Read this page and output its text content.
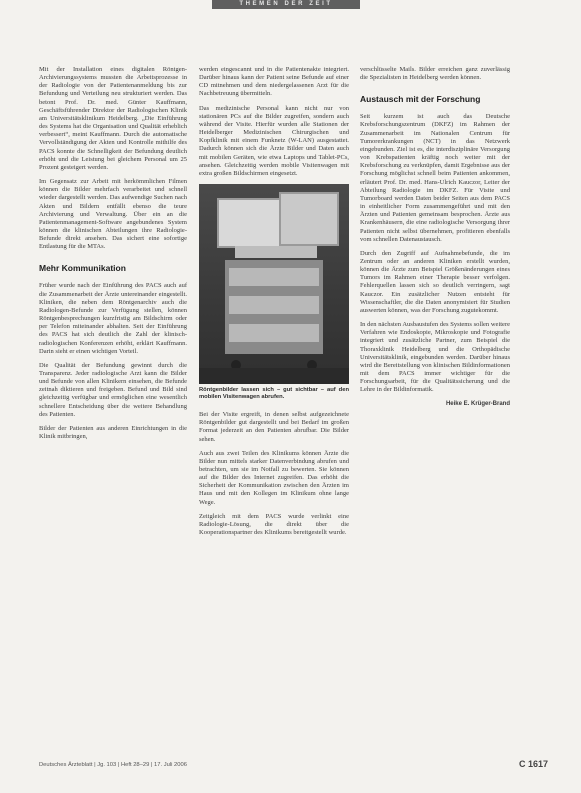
THEMEN DER ZEIT

Mit der Installation eines digitalen Röntgen-Archivierungssystems mussten die Arbeitsprozesse in der Radiologie von der Patientenanmeldung bis zur Befundung und Verteilung neu strukturiert werden. Das betont Prof. Dr. med. Günter Kauffmann, Geschäftsführender Direktor der Radiologischen Klinik am Universitätsklinikum Heidelberg. „Die Einführung des Systems hat die Organisation und Qualität erheblich verbessert“, meint Kauffmann. Durch die automatische Vervollständigung der Akten und Kontrolle mithilfe des PACS konnte die Schnelligkeit der Befundung deutlich erhöht und die Leistung bei gleichem Personal um 25 Prozent gesteigert werden.

Im Gegensatz zur Arbeit mit herkömmlichen Filmen können die Bilder mehrfach verarbeitet und schnell wieder dargestellt werden. Das aufwendige Suchen nach Akten und Bildern entfällt ebenso die teure Archivierung und Verwaltung. Über ein an die Patientenmanagement-Software angebundenes System können die klinischen Abteilungen ihre Radiologie-Befunde direkt ansehen. Das sichert eine sofortige Entlastung für die MTAs.

Mehr Kommunikation

Früher wurde nach der Einführung des PACS auch auf die Zusammenarbeit der Ärzte untereinander eingestellt. Kliniken, die neben dem Röntgenarchiv auch die Radiologen-Befunde zur Verfügung stellen, können Röntgenbesprechungen kurzfristig am Bildschirm oder per Telefon miteinander abhalten. Seit der Einführung des PACS hat sich deutlich die Zahl der klinisch-radiologischen Konferenzen erhöht, erklärt Kauffmann. Darin sieht er einen wichtigen Vorteil.

Die Qualität der Befundung gewinnt durch die Transparenz. Jeder radiologische Arzt kann die Bilder und Befunde von allen Klinikern einsehen, die Befunde zeitnah diktieren und freigeben. Befund und Bild sind gleichzeitig verfügbar und ermöglichen eine wesentlich schnellere Entscheidung über die weitere Behandlung des Patienten.

Bilder der Patienten aus anderen Einrichtungen in die Klinik mitbringen,

werden eingescannt und in die Patientenakte integriert. Darüber hinaus kann der Patient seine Befunde auf einer CD mitnehmen und dem niedergelassenen Arzt für die Nachbetreuung übermitteln.

Das medizinische Personal kann nicht nur von stationären PCs auf die Bilder zugreifen, sondern auch während der Visite. Hierfür wurden alle Stationen der Heidelberger Medizinischen Chirurgischen und Kopfklinik mit einem Funknetz (W-LAN) ausgestattet. Dadurch können sich die Ärzte Bilder und Daten auch mit mobilen Geräten, wie etwa Laptops und Tablet-PCs, ansehen. Gleichzeitig werden mobile Visitenwagen mit extra großen Bildschirmen eingesetzt.

Röntgenbilder lassen sich – gut sichtbar – auf den mobilen Visitenwagen abrufen.

Bei der Visite ergreift, in denen selbst aufgezeichnete Röntgenbilder gut dargestellt und bei Bedarf im großen Format jederzeit an den Patienten abrufbar. Die Bilder sehen.

Auch aus zwei Teilen des Klinikums können Ärzte die Bilder nun mittels starker Datenverbindung abrufen und betrachten, um sie im Notfall zu bewerten. Sie können auf die Bilder des Internet zugreifen. Das erhöht die Sicherheit der Kommunikation zwischen den Ärzten im Haus und mit den Kollegen im Klinikum ohne lange Wege.

Zeitgleich mit dem PACS wurde verlinkt eine Radiologie-Lösung, die direkt über die Kooperationspartner des Klinikums bereitgestellt wurde.

verschlüsselte Mails. Bilder erreichen ganz zuverlässig die Spezialisten in Heidelberg werden können.

Austausch mit der Forschung

Seit kurzem ist auch das Deutsche Krebsforschungszentrum (DKFZ) im Rahmen der Zusammenarbeit im Nationalen Centrum für Tumorerkrankungen (NCT) in das Netzwerk eingebunden. Ziel ist es, die interdisziplinäre Versorgung von Krebspatienten kräftig noch weiter mit der Krebsforschung zu verknüpfen, damit Ergebnisse aus der Forschung möglichst schnell beim Patienten ankommen, erläutert Prof. Dr. med. Hans-Ulrich Kauczor, Leiter der Abteilung Radiologie im DKFZ. Für Visite und Tumorboard werden Daten beider Seiten aus dem PACS in einheitlicher Form zusammengeführt und mit den Ärzten und Patienten gemeinsam besprochen. Ärzte aus Krankenhäusern, die eine radiologische Versorgung ihrer Patienten nicht selbst übernehmen, profitieren ebenfalls vom schnellen Datenaustausch.

Durch den Zugriff auf Aufnahmebefunde, die im Zentrum oder an anderen Kliniken erstellt wurden, können die Ärzte zum Beispiel Größenänderungen eines Tumors im Rahmen einer Therapie besser verfolgen. Fehlerquellen lassen sich so deutlich verringern, sagt Kauczor. Ein zusätzlicher Nutzen entsteht für Wissenschaftler, die die Daten anonymisiert für Studien auswerten können, was der Forschung zugutekommt.

In den nächsten Ausbaustufen des Systems sollen weitere Verfahren wie Endoskopie, Mikroskopie und Fotografie integriert und zusätzliche Partner, zum Beispiel die Thoraxklinik Heidelberg und die Orthopädische Universitätsklinik, eingebunden werden. Darüber hinaus wird die Bereitstellung von klinischen Bildinformationen mit dem PACS immer wichtiger für die Forschungsarbeit, für die Qualitätssicherung und die Lehre in der Bildinformatik.

Heike E. Krüger-Brand
Deutsches Ärzteblatt | Jg. 103 | Heft 28–29 | 17. Juli 2006	C 1617
